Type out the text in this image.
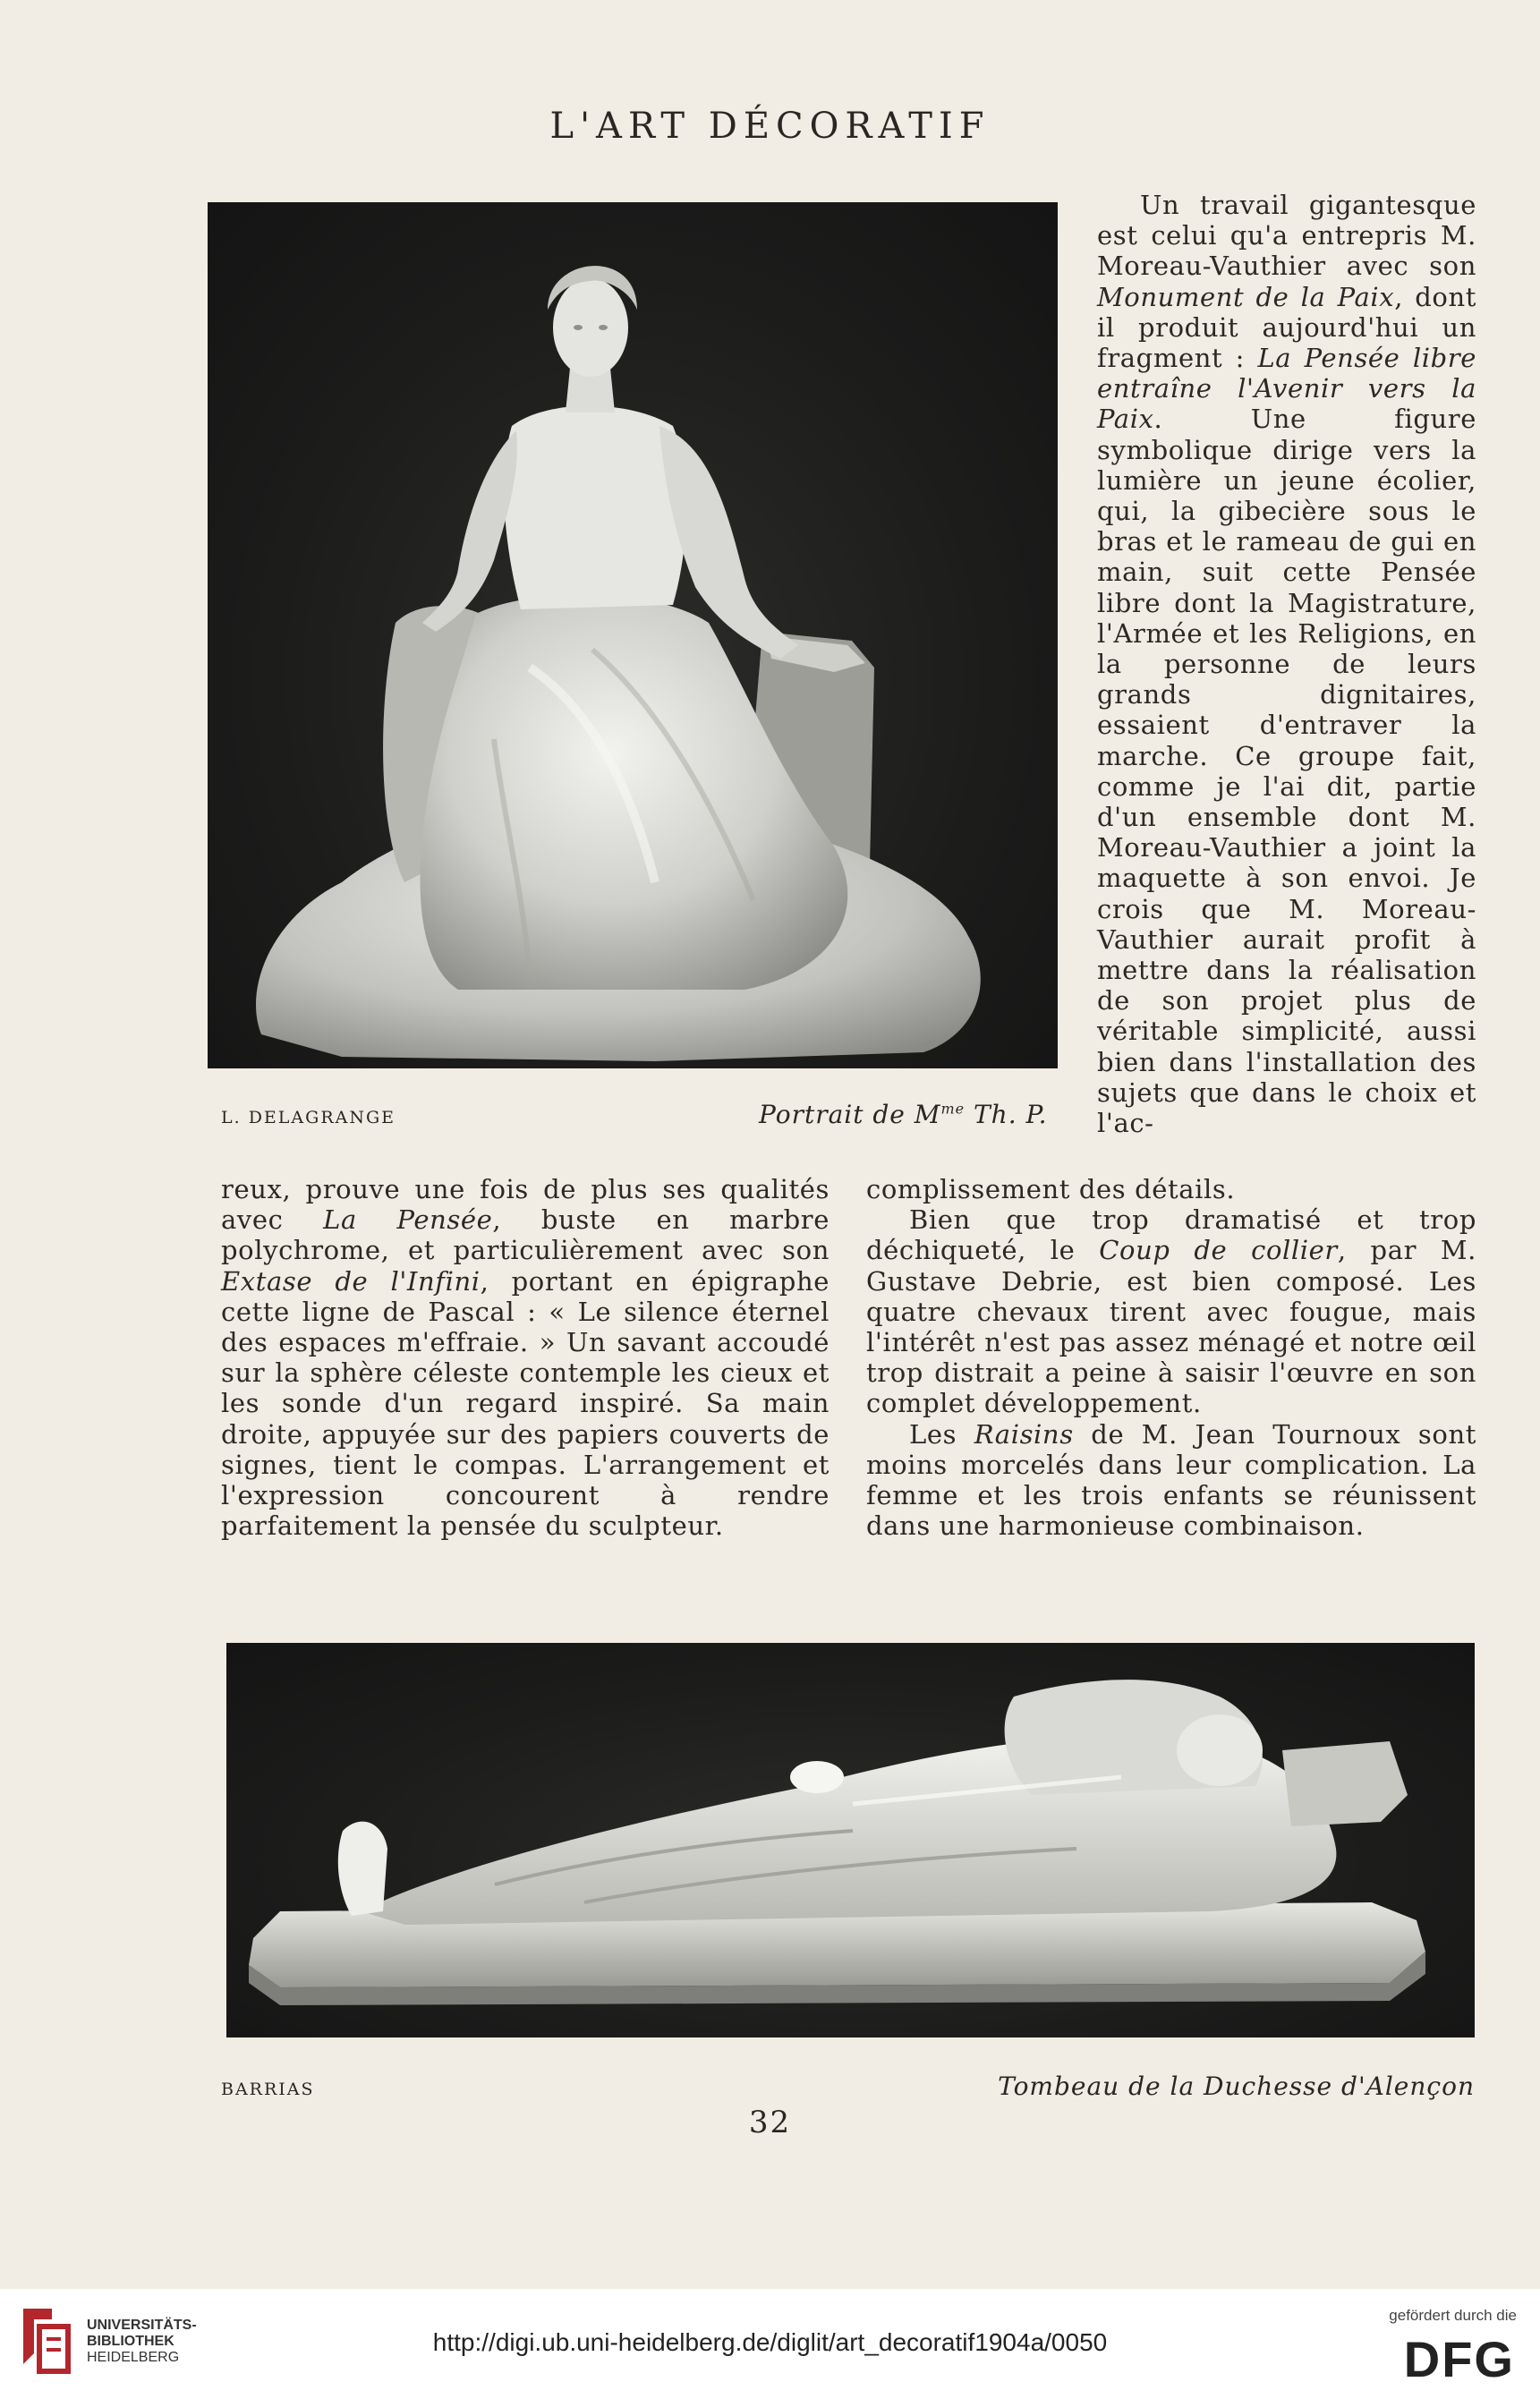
L'ART DÉCORATIF
L. DELAGRANGE	Portrait de $M^{me}$ Th. P.

Un travail gigantesque est celui qu'a entrepris M. Moreau-Vauthier avec son Monument de la Paix, dont il produit aujourd'hui un fragment : La Pensée libre entraîne l'Avenir vers la Paix. Une figure symbolique dirige vers la lumière un jeune écolier, qui, la gibecière sous le bras et le rameau de gui en main, suit cette Pensée libre dont la Magistrature, l'Armée et les Religions, en la personne de leurs grands dignitaires, essaient d'entraver la marche. Ce groupe fait, comme je l'ai dit, partie d'un ensemble dont M. Moreau-Vauthier a joint la maquette à son envoi. Je crois que M. Moreau-Vauthier aurait profit à mettre dans la réalisation de son projet plus de véritable simplicité, aussi bien dans l'installation des sujets que dans le choix et l'ac-

reux, prouve une fois de plus ses qualités avec La Pensée, buste en marbre polychrome, et particulièrement avec son Extase de l'Infini, portant en épigraphe cette ligne de Pascal : « Le silence éternel des espaces m'effraie. » Un savant accoudé sur la sphère céleste contemple les cieux et les sonde d'un regard inspiré. Sa main droite, appuyée sur des papiers couverts de signes, tient le compas. L'arrangement et l'expression concourent à rendre parfaitement la pensée du sculpteur.

complissement des détails.

Bien que trop dramatisé et trop déchiqueté, le Coup de collier, par M. Gustave Debrie, est bien composé. Les quatre chevaux tirent avec fougue, mais l'intérêt n'est pas assez ménagé et notre œil trop distrait a peine à saisir l'œuvre en son complet développement.

Les Raisins de M. Jean Tournoux sont moins morcelés dans leur complication. La femme et les trois enfants se réunissent dans une harmonieuse combinaison.

BARRIAS	Tombeau de la Duchesse d'Alençon
32
UNIVERSITÄTS-
BIBLIOTHEK
HEIDELBERG
http://digi.ub.uni-heidelberg.de/diglit/art_decoratif1904a/0050
gefördert durch die
DFG
